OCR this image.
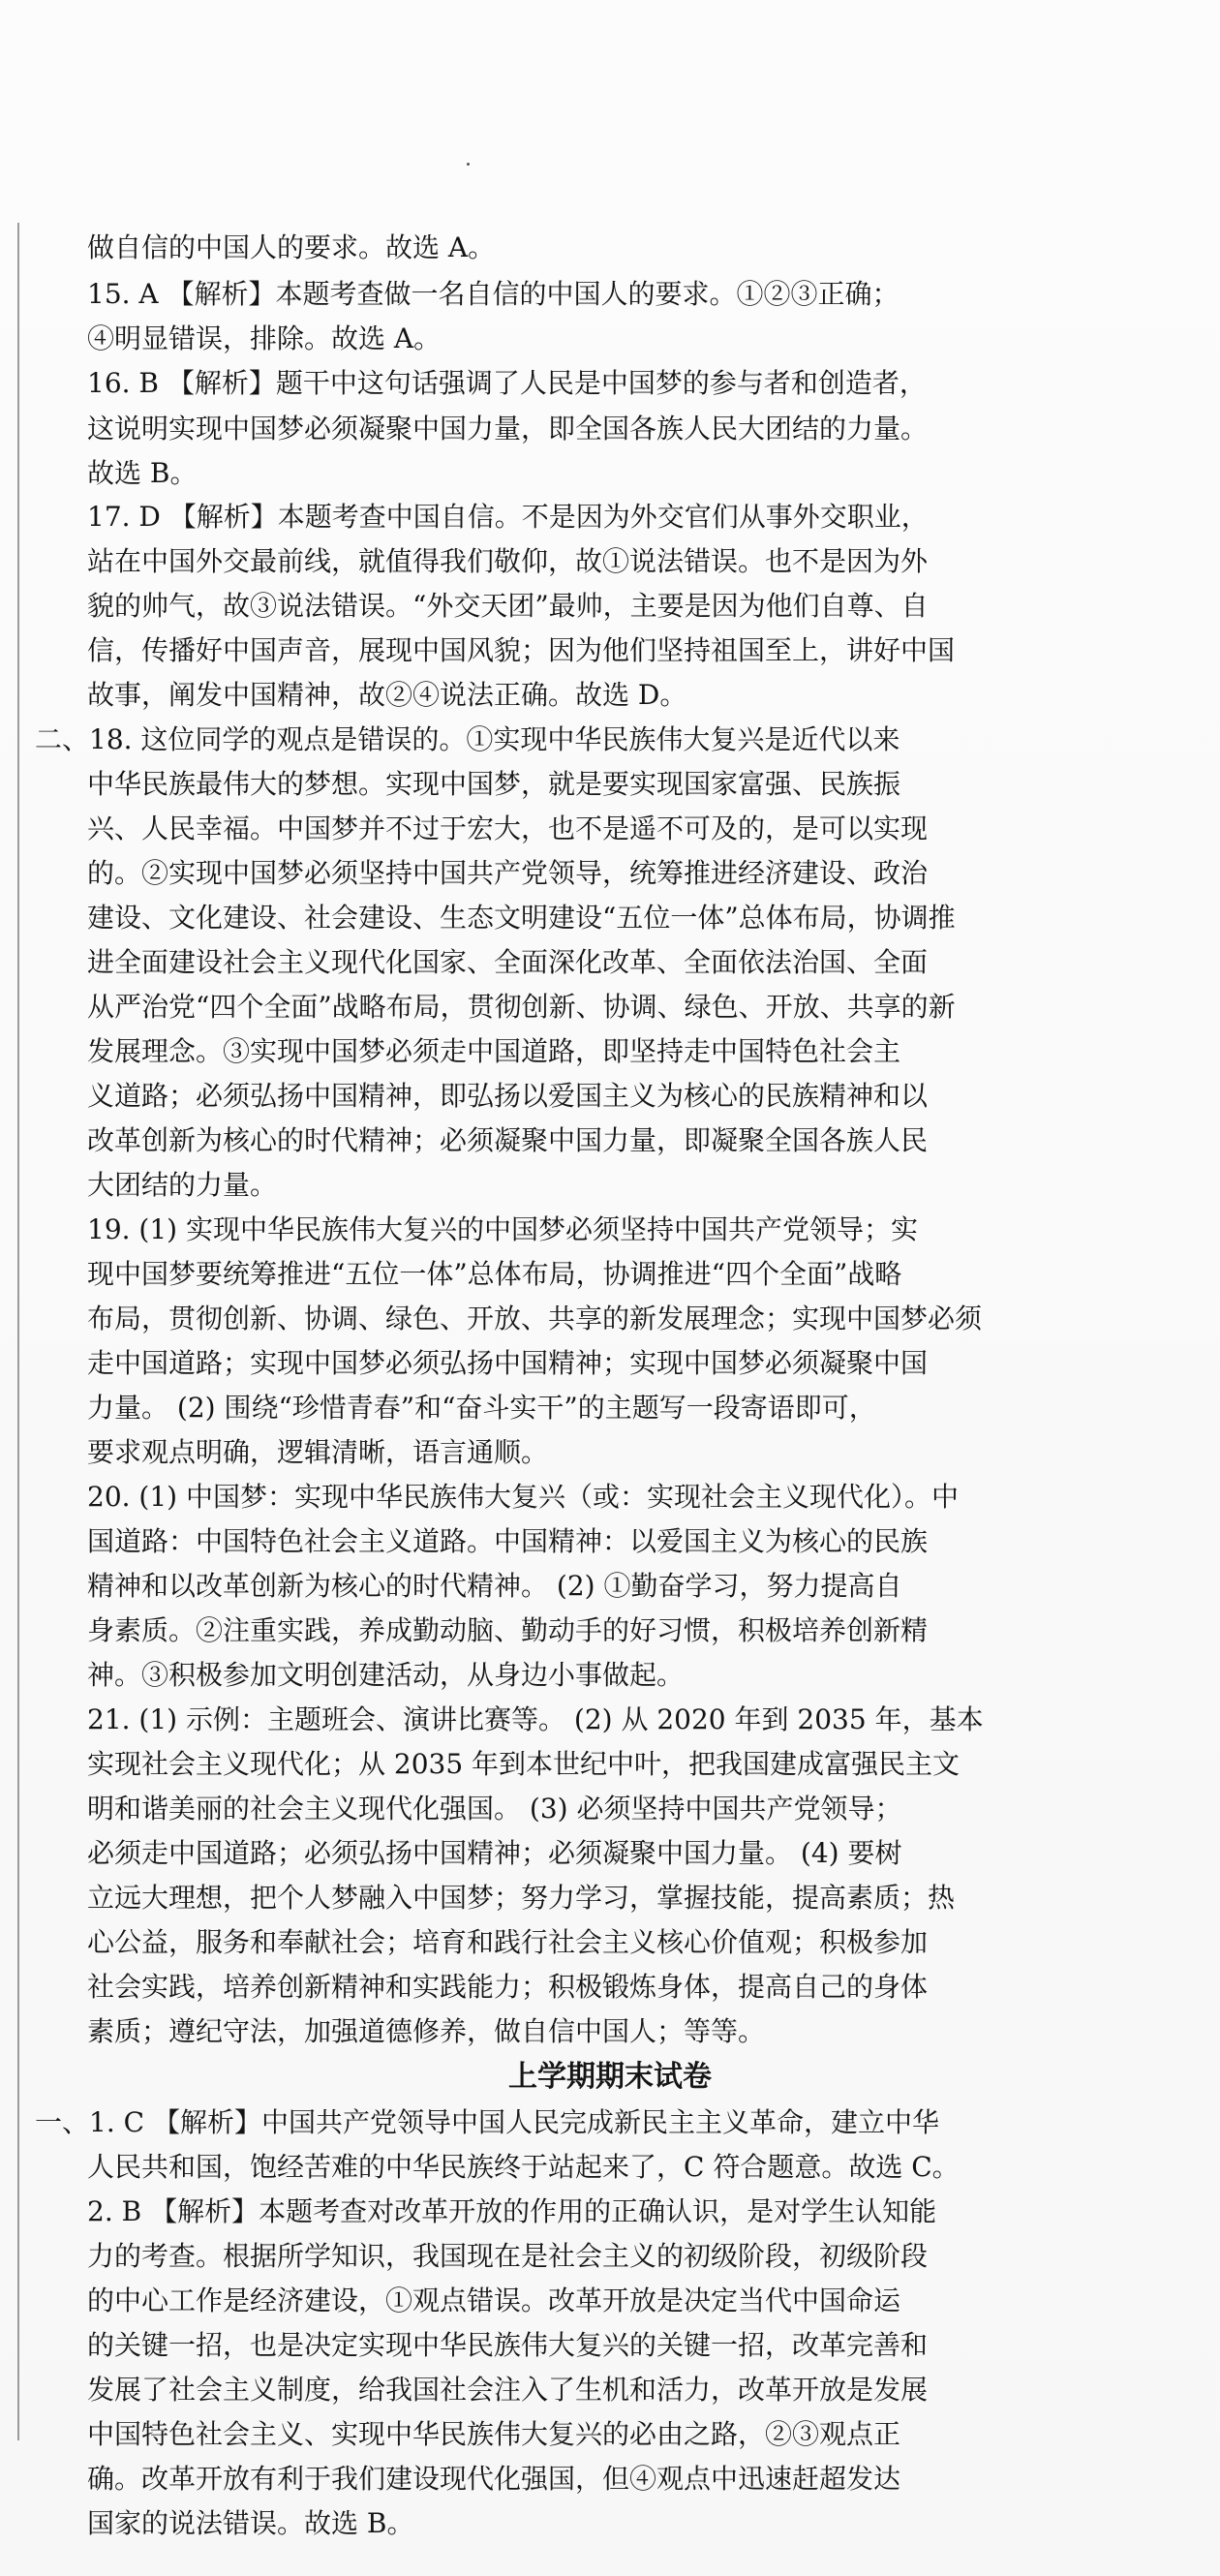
做自信的中国人的要求。故选 A。
15. A 【解析】本题考查做一名自信的中国人的要求。①②③正确；
④明显错误，排除。故选 A。
16. B 【解析】题干中这句话强调了人民是中国梦的参与者和创造者，
这说明实现中国梦必须凝聚中国力量，即全国各族人民大团结的力量。
故选 B。
17. D 【解析】本题考查中国自信。不是因为外交官们从事外交职业，
站在中国外交最前线，就值得我们敬仰，故①说法错误。也不是因为外
貌的帅气，故③说法错误。“外交天团”最帅，主要是因为他们自尊、自
信，传播好中国声音，展现中国风貌；因为他们坚持祖国至上，讲好中国
故事，阐发中国精神，故②④说法正确。故选 D。
二、18. 这位同学的观点是错误的。①实现中华民族伟大复兴是近代以来
中华民族最伟大的梦想。实现中国梦，就是要实现国家富强、民族振
兴、人民幸福。中国梦并不过于宏大，也不是遥不可及的，是可以实现
的。②实现中国梦必须坚持中国共产党领导，统筹推进经济建设、政治
建设、文化建设、社会建设、生态文明建设“五位一体”总体布局，协调推
进全面建设社会主义现代化国家、全面深化改革、全面依法治国、全面
从严治党“四个全面”战略布局，贯彻创新、协调、绿色、开放、共享的新
发展理念。③实现中国梦必须走中国道路，即坚持走中国特色社会主
义道路；必须弘扬中国精神，即弘扬以爱国主义为核心的民族精神和以
改革创新为核心的时代精神；必须凝聚中国力量，即凝聚全国各族人民
大团结的力量。
19. (1) 实现中华民族伟大复兴的中国梦必须坚持中国共产党领导；实
现中国梦要统筹推进“五位一体”总体布局，协调推进“四个全面”战略
布局，贯彻创新、协调、绿色、开放、共享的新发展理念；实现中国梦必须
走中国道路；实现中国梦必须弘扬中国精神；实现中国梦必须凝聚中国
力量。 (2) 围绕“珍惜青春”和“奋斗实干”的主题写一段寄语即可，
要求观点明确，逻辑清晰，语言通顺。
20. (1) 中国梦：实现中华民族伟大复兴（或：实现社会主义现代化）。中
国道路：中国特色社会主义道路。中国精神：以爱国主义为核心的民族
精神和以改革创新为核心的时代精神。 (2) ①勤奋学习，努力提高自
身素质。②注重实践，养成勤动脑、勤动手的好习惯，积极培养创新精
神。③积极参加文明创建活动，从身边小事做起。
21. (1) 示例：主题班会、演讲比赛等。 (2) 从 2020 年到 2035 年，基本
实现社会主义现代化；从 2035 年到本世纪中叶，把我国建成富强民主文
明和谐美丽的社会主义现代化强国。 (3) 必须坚持中国共产党领导；
必须走中国道路；必须弘扬中国精神；必须凝聚中国力量。 (4) 要树
立远大理想，把个人梦融入中国梦；努力学习，掌握技能，提高素质；热
心公益，服务和奉献社会；培育和践行社会主义核心价值观；积极参加
社会实践，培养创新精神和实践能力；积极锻炼身体，提高自己的身体
素质；遵纪守法，加强道德修养，做自信中国人；等等。
上学期期末试卷
一、1. C 【解析】中国共产党领导中国人民完成新民主主义革命，建立中华
人民共和国，饱经苦难的中华民族终于站起来了，C 符合题意。故选 C。
2. B 【解析】本题考查对改革开放的作用的正确认识，是对学生认知能
力的考查。根据所学知识，我国现在是社会主义的初级阶段，初级阶段
的中心工作是经济建设，①观点错误。改革开放是决定当代中国命运
的关键一招，也是决定实现中华民族伟大复兴的关键一招，改革完善和
发展了社会主义制度，给我国社会注入了生机和活力，改革开放是发展
中国特色社会主义、实现中华民族伟大复兴的必由之路，②③观点正
确。改革开放有利于我们建设现代化强国，但④观点中迅速赶超发达
国家的说法错误。故选 B。
